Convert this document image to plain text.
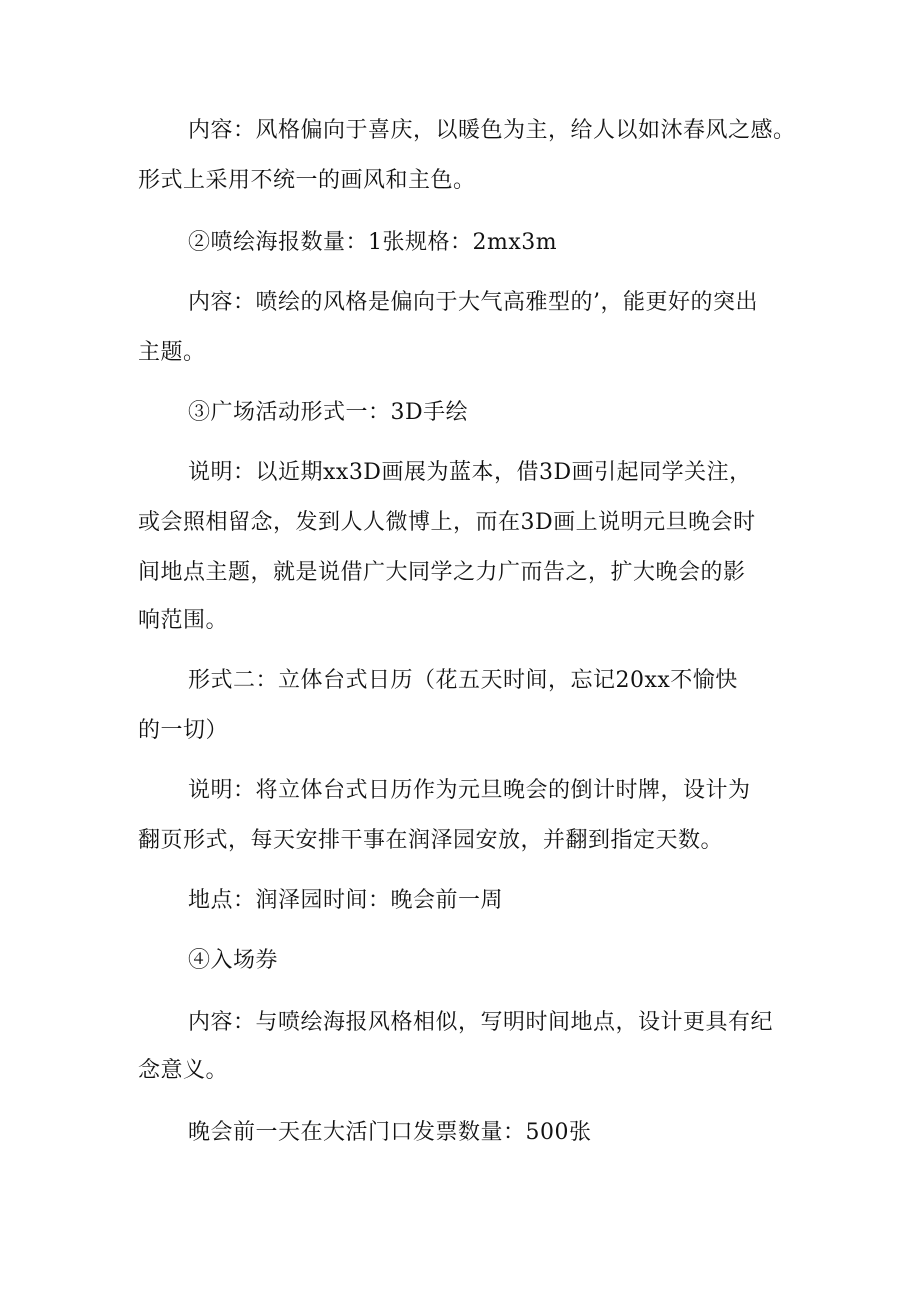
内容：风格偏向于喜庆，以暖色为主，给人以如沐春风之感。
形式上采用不统一的画风和主色。
②喷绘海报数量：1张规格：2mx3m
内容：喷绘的风格是偏向于大气高雅型的’，能更好的突出
主题。
③广场活动形式一：3D手绘
说明：以近期xx3D画展为蓝本，借3D画引起同学关注，
或会照相留念，发到人人微博上，而在3D画上说明元旦晚会时
间地点主题，就是说借广大同学之力广而告之，扩大晚会的影
响范围。
形式二：立体台式日历（花五天时间，忘记20xx不愉快
的一切）
说明：将立体台式日历作为元旦晚会的倒计时牌，设计为
翻页形式，每天安排干事在润泽园安放，并翻到指定天数。
地点：润泽园时间：晚会前一周
④入场券
内容：与喷绘海报风格相似，写明时间地点，设计更具有纪
念意义。
晚会前一天在大活门口发票数量：500张
